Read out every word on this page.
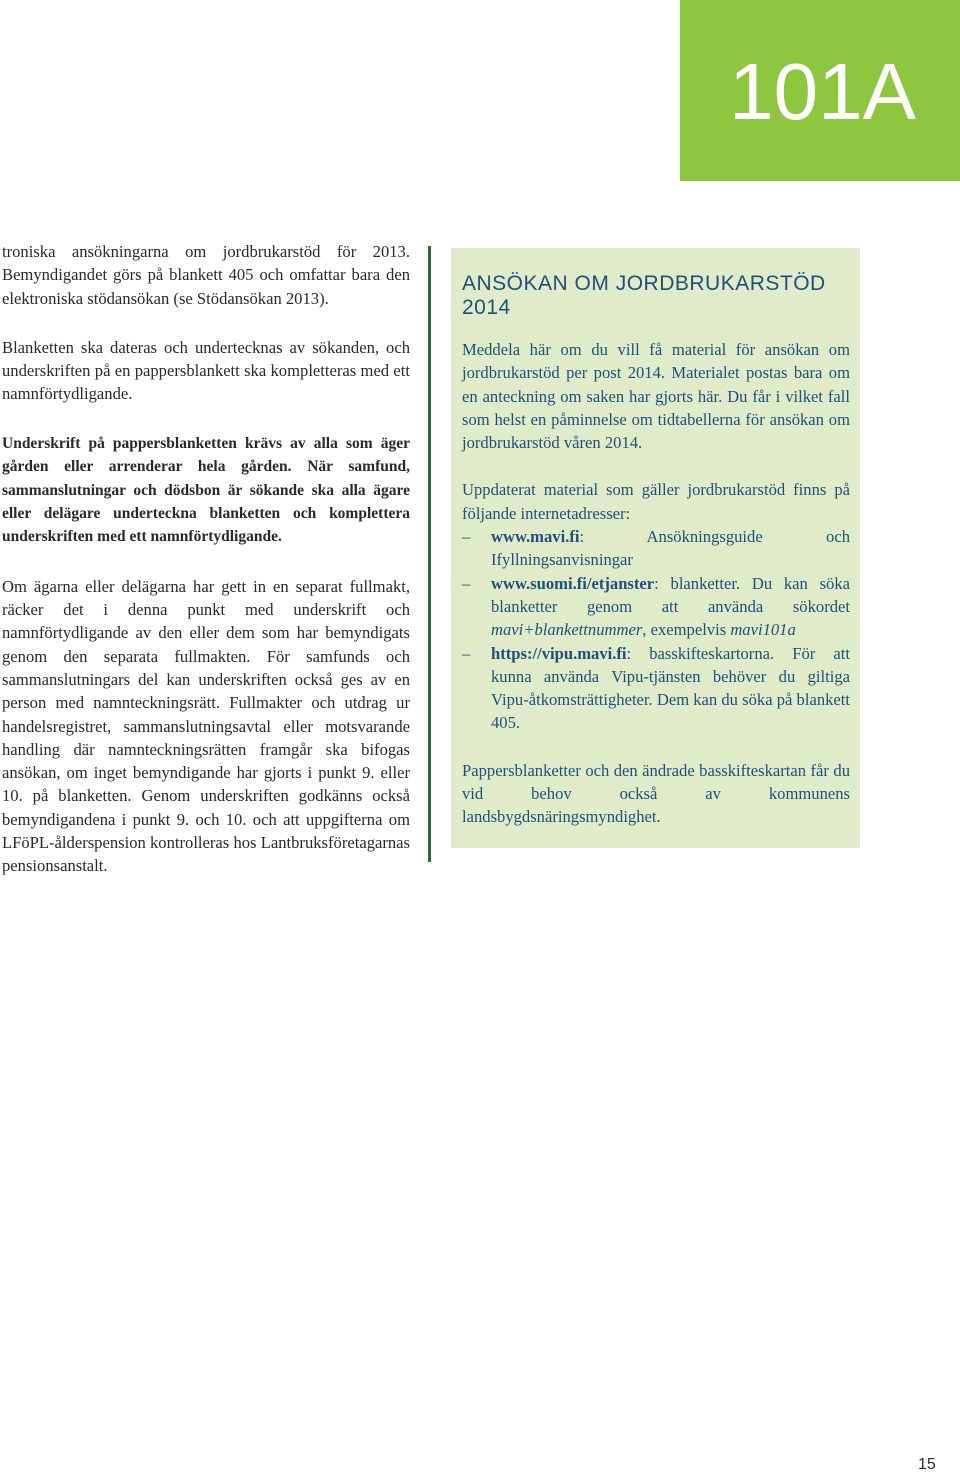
101A

troniska ansökningarna om jordbrukarstöd för 2013. Bemyndigandet görs på blankett 405 och omfattar bara den elektroniska stödansökan (se Stödansökan 2013).

Blanketten ska dateras och undertecknas av sökanden, och underskriften på en pappersblankett ska kompletteras med ett namnförtydligande.

Underskrift på pappersblanketten krävs av alla som äger gården eller arrenderar hela gården. När samfund, sammanslutningar och dödsbon är sökande ska alla ägare eller delägare underteckna blanketten och komplettera underskriften med ett namnförtydligande.

Om ägarna eller delägarna har gett in en separat fullmakt, räcker det i denna punkt med underskrift och namnförtydligande av den eller dem som har bemyndigats genom den separata fullmakten. För samfunds och sammanslutningars del kan underskriften också ges av en person med namnteckningsrätt. Fullmakter och utdrag ur handelsregistret, sammanslutningsavtal eller motsvarande handling där namnteckningsrätten framgår ska bifogas ansökan, om inget bemyndigande har gjorts i punkt 9. eller 10. på blanketten. Genom underskriften godkänns också bemyndigandena i punkt 9. och 10. och att uppgifterna om LFöPL-ålderspension kontrolleras hos Lantbruksföretagarnas pensionsanstalt.

ANSÖKAN OM JORDBRUKARSTÖD 2014

Meddela här om du vill få material för ansökan om jordbrukarstöd per post 2014. Materialet postas bara om en anteckning om saken har gjorts här. Du får i vilket fall som helst en påminnelse om tidtabellerna för ansökan om jordbrukarstöd våren 2014.

Uppdaterat material som gäller jordbrukarstöd finns på följande internetadresser:

– www.mavi.fi: Ansökningsguide och Ifyllningsanvisningar
– www.suomi.fi/etjanster: blanketter. Du kan söka blanketter genom att använda sökordet mavi+blankettnummer, exempelvis mavi101a
– https://vipu.mavi.fi: basskifteskartorna. För att kunna använda Vipu-tjänsten behöver du giltiga Vipu-åtkomsträttigheter. Dem kan du söka på blankett 405.

Pappersblanketter och den ändrade basskifteskartan får du vid behov också av kommunens landsbygdsnäringsmyndighet.

15
